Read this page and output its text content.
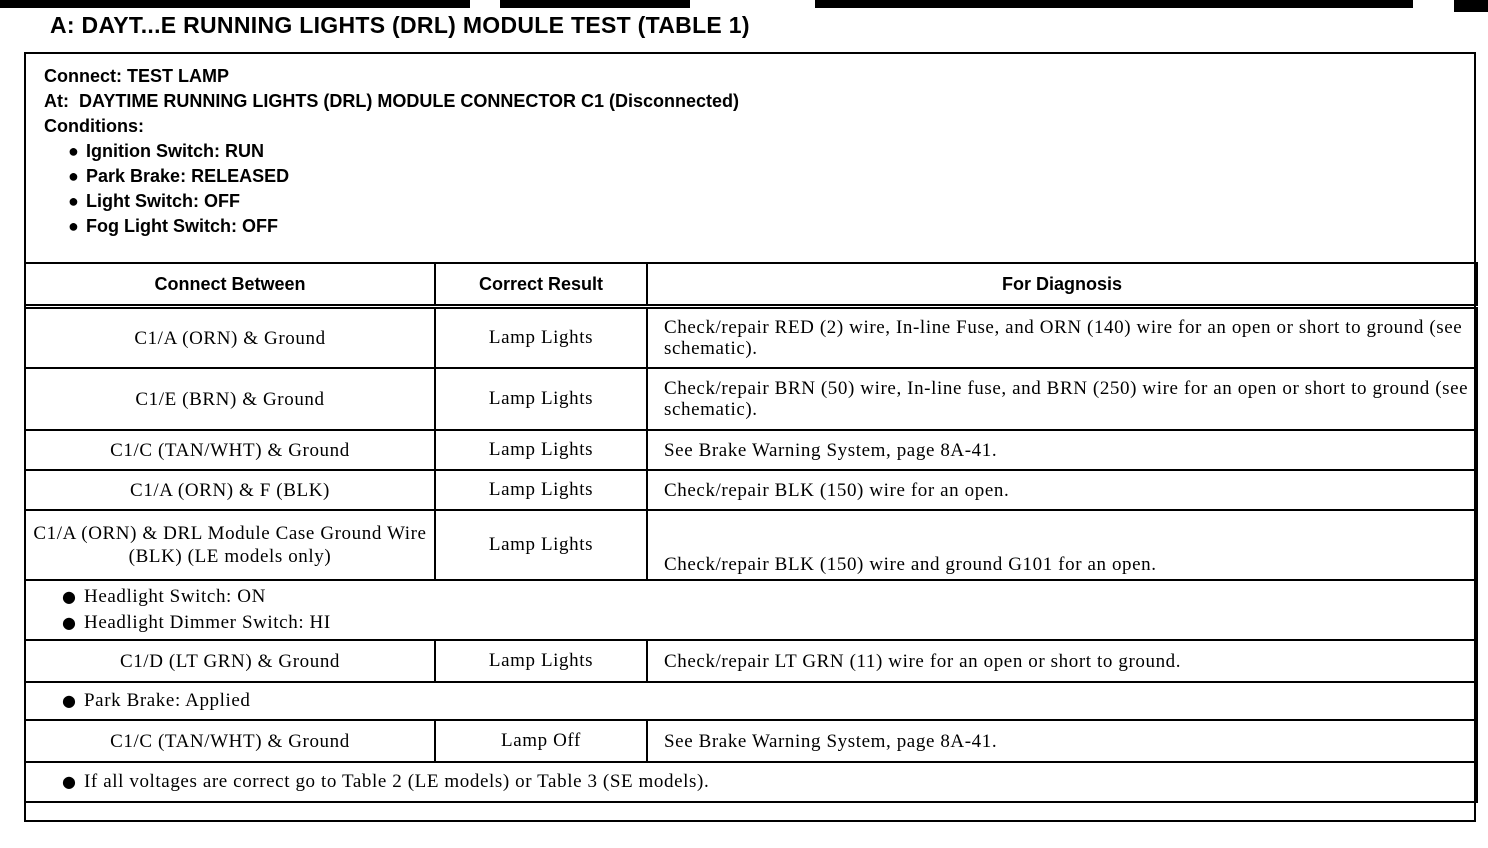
A: DAYT...E RUNNING LIGHTS (DRL) MODULE TEST (TABLE 1)
Connect: TEST LAMP
At: DAYTIME RUNNING LIGHTS (DRL) MODULE CONNECTOR C1 (Disconnected)
Conditions:
● Ignition Switch: RUN
● Park Brake: RELEASED
● Light Switch: OFF
● Fog Light Switch: OFF
Connect Between	Correct Result	For Diagnosis
C1/A (ORN) & Ground	Lamp Lights	Check/repair RED (2) wire, In-line Fuse, and ORN (140) wire for an open or short to ground (see schematic).
C1/E (BRN) & Ground	Lamp Lights	Check/repair BRN (50) wire, In-line fuse, and BRN (250) wire for an open or short to ground (see schematic).
C1/C (TAN/WHT) & Ground	Lamp Lights	See Brake Warning System, page 8A-41.
C1/A (ORN) & F (BLK)	Lamp Lights	Check/repair BLK (150) wire for an open.
C1/A (ORN) & DRL Module Case Ground Wire (BLK) (LE models only)	Lamp Lights	Check/repair BLK (150) wire and ground G101 for an open.

● Headlight Switch: ON
● Headlight Dimmer Switch: HI		

C1/D (LT GRN) & Ground	Lamp Lights	Check/repair LT GRN (11) wire for an open or short to ground.

● Park Brake: Applied		

C1/C (TAN/WHT) & Ground	Lamp Off	See Brake Warning System, page 8A-41.

● If all voltages are correct go to Table 2 (LE models) or Table 3 (SE models).		
